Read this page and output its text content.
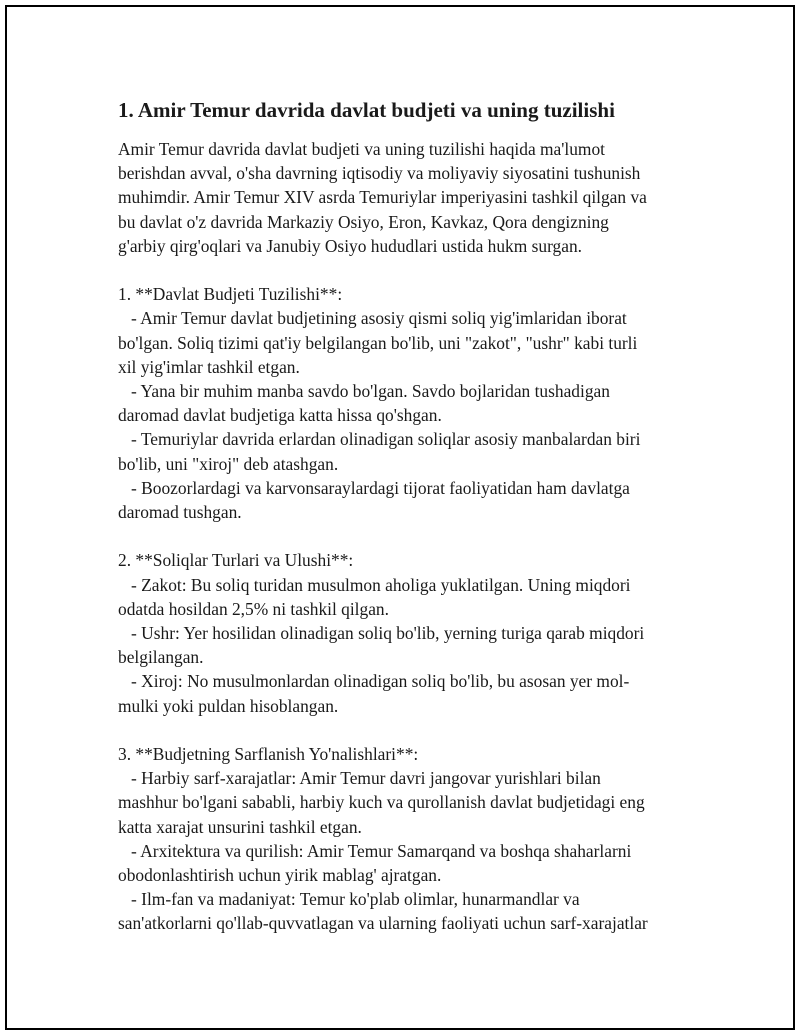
1. Amir Temur davrida davlat budjeti va uning tuzilishi

Amir Temur davrida davlat budjeti va uning tuzilishi haqida ma'lumot
berishdan avval, o'sha davrning iqtisodiy va moliyaviy siyosatini tushunish
muhimdir. Amir Temur XIV asrda Temuriylar imperiyasini tashkil qilgan va
bu davlat o'z davrida Markaziy Osiyo, Eron, Kavkaz, Qora dengizning
g'arbiy qirg'oqlari va Janubiy Osiyo hududlari ustida hukm surgan.

1. **Davlat Budjeti Tuzilishi**:
- Amir Temur davlat budjetining asosiy qismi soliq yig'imlaridan iborat
bo'lgan. Soliq tizimi qat'iy belgilangan bo'lib, uni "zakot", "ushr" kabi turli
xil yig'imlar tashkil etgan.
- Yana bir muhim manba savdo bo'lgan. Savdo bojlaridan tushadigan
daromad davlat budjetiga katta hissa qo'shgan.
- Temuriylar davrida erlardan olinadigan soliqlar asosiy manbalardan biri
bo'lib, uni "xiroj" deb atashgan.
- Boozorlardagi va karvonsaraylardagi tijorat faoliyatidan ham davlatga
daromad tushgan.

2. **Soliqlar Turlari va Ulushi**:
- Zakot: Bu soliq turidan musulmon aholiga yuklatilgan. Uning miqdori
odatda hosildan 2,5% ni tashkil qilgan.
- Ushr: Yer hosilidan olinadigan soliq bo'lib, yerning turiga qarab miqdori
belgilangan.
- Xiroj: No musulmonlardan olinadigan soliq bo'lib, bu asosan yer mol-
mulki yoki puldan hisoblangan.

3. **Budjetning Sarflanish Yo'nalishlari**:
- Harbiy sarf-xarajatlar: Amir Temur davri jangovar yurishlari bilan
mashhur bo'lgani sababli, harbiy kuch va qurollanish davlat budjetidagi eng
katta xarajat unsurini tashkil etgan.
- Arxitektura va qurilish: Amir Temur Samarqand va boshqa shaharlarni
obodonlashtirish uchun yirik mablag' ajratgan.
- Ilm-fan va madaniyat: Temur ko'plab olimlar, hunarmandlar va
san'atkorlarni qo'llab-quvvatlagan va ularning faoliyati uchun sarf-xarajatlar
